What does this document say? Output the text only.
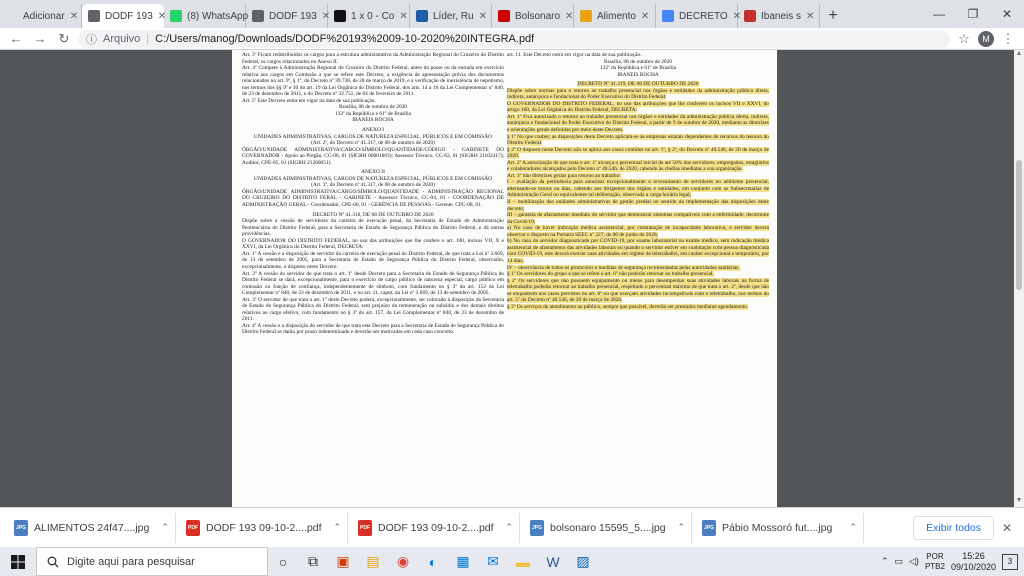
Adicionar ✕	DODF 193 ✕ (8) WhatsApp DODF 193 ✕ 1 x 0 - Co ✕	Líder, Ru ✕	Bolsonaro ✕ Alimento ✕	DECRETO ✕ Ibaneis s ✕ +	—	❐	✕
← → ↻	ⓘ Arquivo | C:/Users/manog/Downloads/DODF%20193%2009-10-2020%20INTEGRA.pdf	☆	M ⋮

Art. 3º Ficam redistribuídos os cargos para a estrutura administrativa da Administração Regional do Cruzeiro do Distrito Federal, os cargos relacionados no Anexo II.

Art. 4º Compete à Administração Regional do Cruzeiro do Distrito Federal, antes da posse ou da entrada em exercício relativa aos cargos em Comissão a que se refere este Decreto, a exigência de apresentação prévia dos documentos relacionados no art. 9º, § 1º, do Decreto nº 39.738, de 28 de março de 2019, e a verificação de inexistência de nepotismo, nos termos dos §§ 9º e 10 do art. 19 da Lei Orgânica do Distrito Federal, dos arts. 14 a 16 da Lei Complementar nº 840, de 23 de dezembro de 2011, e do Decreto nº 32.751, de 04 de fevereiro de 2011.

Art. 5º Este Decreto entra em vigor na data de sua publicação.

Brasília, 08 de outubro de 2020

132º da República e 61º de Brasília

IBANEIS ROCHA

ANEXO I

UNIDADES ADMINISTRATIVAS, CARGOS DE NATUREZA ESPECIAL, PÚBLICOS E EM COMISSÃO

(Art. 2º, do Decreto nº 41.317, de 08 de outubro de 2020)

ÓRGÃO/UNIDADE ADMINISTRATIVA/CARGO/SÍMBOLO/QUANTIDADE/CÓDIGO - GABINETE DO GOVERNADOR - Apoio ao Pregão, CC-06, 01 (SIGRH 00001803); Assessor Técnico, CC-02, 01 (SIGRH 21102417); Auditor, CPE-05, 01 (SIGRH 21200051).

ANEXO II

UNIDADES ADMINISTRATIVAS, CARGOS DE NATUREZA ESPECIAL, PÚBLICOS E EM COMISSÃO

(Art. 3º, do Decreto nº 41.317, de 08 de outubro de 2020)

ÓRGÃO/UNIDADE ADMINISTRATIVA/CARGO/SÍMBOLO/QUANTIDADE - ADMINISTRAÇÃO REGIONAL DO CRUZEIRO DO DISTRITO FERAL - GABINETE - Assessor Técnico, CC-04, 01 - COORDENAÇÃO DE ADMINISTRAÇÃO GERAL - Coordenador, CPE-06, 01 - GERÊNCIA DE PESSOAS - Gerente, CPC-08, 01.

DECRETO Nº 41.318, DE 08 DE OUTUBRO DE 2020

Dispõe sobre a cessão de servidores da carreira de execução penal, da Secretaria de Estado de Administração Penitenciária do Distrito Federal, para a Secretaria de Estado de Segurança Pública do Distrito Federal, e dá outras providências.

O GOVERNADOR DO DISTRITO FEDERAL, no uso das atribuições que lhe confere o art. 100, incisos VII, X e XXVI, da Lei Orgânica do Distrito Federal, DECRETA:

Art. 1º A cessão e a disposição de servidor da carreira de execução penal do Distrito Federal, de que trata a Lei nº 3.669, de 13 de setembro de 2005, para a Secretaria de Estado de Segurança Pública do Distrito Federal, observarão, excepcionalmente, o disposto neste Decreto.

Art. 2º A cessão do servidor de que trata o art. 1º desde Decreto para a Secretaria de Estado de Segurança Pública do Distrito Federal se dará, excepcionalmente, para o exercício de cargo público de natureza especial, cargo público em comissão ou função de confiança, independentemente de símbolo, com fundamento no § 3º do art. 152 da Lei Complementar nº 840, de 23 de dezembro de 2011, e no art. 11, caput, da Lei nº 3.669, de 13 de setembro de 2005.

Art. 3º O servidor de que trata o art. 1º deste Decreto poderá, excepcionalmente, ser colocado à disposição da Secretaria de Estado de Segurança Pública do Distrito Federal, sem prejuízo da remuneração ou subsídio e dos demais direitos relativos ao cargo efetivo, com fundamento no § 3º do art. 157, da Lei Complementar nº 840, de 23 de dezembro de 2011.

Art. 4º A cessão e a disposição do servidor de que trata este Decreto para a Secretaria de Estado de Segurança Pública do Distrito Federal se darão por prazo indeterminado e deverão ser motivadas em cada caso concreto.

art. 11. Este Decreto entra em vigor na data de sua publicação.

Brasília, 08 de outubro de 2020

132º da República e 61º de Brasília

IBANEIS ROCHA

DECRETO Nº 41.319, DE 08 DE OUTUBRO DE 2020

Dispõe sobre normas para o retorno ao trabalho presencial nos órgãos e entidades da administração pública direta, indireta, autárquica e fundacional do Poder Executivo do Distrito Federal.

O GOVERNADOR DO DISTRITO FEDERAL, no uso das atribuições que lhe conferem os incisos VII e XXVI, do artigo 100, da Lei Orgânica do Distrito Federal, DECRETA:

Art. 1º Fica autorizado o retorno ao trabalho presencial nos órgãos e entidades da administração pública direta, indireta, autárquica e fundacional do Poder Executivo do Distrito Federal, a partir de 9 de outubro de 2020, mediante as diretrizes e orientações gerais definidas por meio deste Decreto.

§ 1º No que couber, as disposições deste Decreto aplicam-se às empresas estatais dependentes de recursos do tesouro do Distrito Federal.

§ 2º O disposto neste Decreto não se aplica aos casos contidos no art. 1º, § 2º, do Decreto nº 40.546, de 20 de março de 2020.

Art. 2º A autorização de que trata o art. 1º alcança o percentual inicial de até 50% dos servidores, empregados, estagiários e colaboradores alcançados pelo Decreto nº 40.546, de 2020, cabendo às chefias imediatas a sua organização.

Art. 3º São diretrizes gerais para retorno ao trabalho:

I – avaliação da pertinência para autorizar excepcionalmente o revezamento de servidores no ambiente presencial, alternando-se turnos ou dias, cabendo aos dirigentes dos órgãos e entidades, em conjunto com as Subsecretarias de Administração Geral ou equivalentes tal deliberação, observada a carga horária legal;

II – mobilização das unidades administrativas de gestão predial no sentido da implementação das disposições deste decreto;

III – garantia de afastamento imediato do servidor que demonstrar sintomas compatíveis com a enfermidade, decorrente da Covid-19;

a) No caso de haver indicação médica assistencial, por constatação de incapacidade laborativa, o servidor deverá observar o disposto na Portaria SEEC nº 227, de 06 de junho de 2020;

b) No caso do servidor diagnosticado por COVID-19, por exame laboratorial ou exame médico, sem indicação médica assistencial de afastamento das atividades laborais ou quando o servidor estiver em coabitação com pessoa diagnosticada com COVID-19, este deverá exercer suas atividades em regime de teletrabalho, em caráter excepcional e temporário, por 14 dias.

IV – observância de todos os protocolos e medidas de segurança recomendadas pelas autoridades sanitárias.

§ 1º Os servidores do grupo a que se refere o art. 6º não poderão retornar ao trabalho presencial.

§ 2º Os servidores que não possuem equipamento ou meios para desempenhar suas atividades laborais na forma de teletrabalho poderão retornar ao trabalho presencial, respeitado o percentual máximo de que trata o art. 2º, desde que não se enquadrem nos casos previstos no art. 6º ou que exerçam atividades incompatíveis com o teletrabalho, nos termos do art. 5º do Decreto nº 40.546, de 20 de março de 2020.

§ 3º Os serviços de atendimento ao público, sempre que possível, deverão ser prestados mediante agendamento.

▲
▼
JPG ALIMENTOS 24f47....jpg	⌃	PDF DODF 193 09-10-2....pdf	⌃	PDF DODF 193 09-10-2....pdf	⌃	JPG bolsonaro 15595_5....jpg	⌃	JPG Pábio Mossoró fut....jpg	⌃	Exibir todos	✕
Digite aqui para pesquisar	○	⧉	▣	▤	◉	◐	▦	✉	▬	W	▨	⌃ ▭ ◁) POR
PTB2
15:26
09/10/2020	3
